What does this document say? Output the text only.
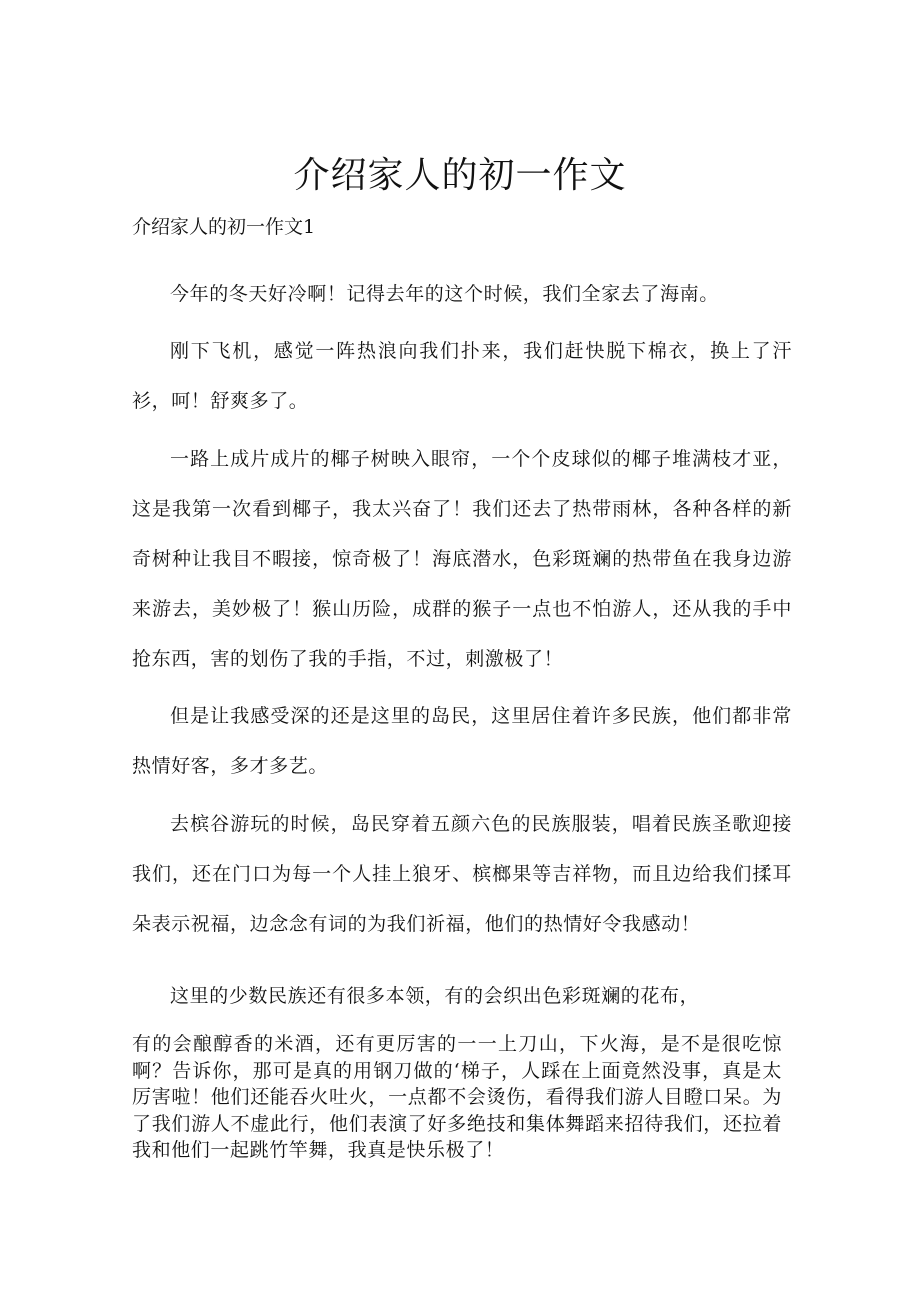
介绍家人的初一作文
介绍家人的初一作文1

今年的冬天好冷啊！记得去年的这个时候，我们全家去了海南。

刚下飞机，感觉一阵热浪向我们扑来，我们赶快脱下棉衣，换上了汗衫，呵！舒爽多了。

一路上成片成片的椰子树映入眼帘，一个个皮球似的椰子堆满枝才亚，这是我第一次看到椰子，我太兴奋了！我们还去了热带雨林，各种各样的新奇树种让我目不暇接，惊奇极了！海底潜水，色彩斑斓的热带鱼在我身边游来游去，美妙极了！猴山历险，成群的猴子一点也不怕游人，还从我的手中抢东西，害的划伤了我的手指，不过，刺激极了！

但是让我感受深的还是这里的岛民，这里居住着许多民族，他们都非常热情好客，多才多艺。

去槟谷游玩的时候，岛民穿着五颜六色的民族服装，唱着民族圣歌迎接我们，还在门口为每一个人挂上狼牙、槟榔果等吉祥物，而且边给我们揉耳朵表示祝福，边念念有词的为我们祈福，他们的热情好令我感动！

这里的少数民族还有很多本领，有的会织出色彩斑斓的花布，

有的会酿醇香的米酒，还有更厉害的一一上刀山，下火海，是不是很吃惊啊？告诉你，那可是真的用钢刀做的‘梯子，人踩在上面竟然没事，真是太厉害啦！他们还能吞火吐火，一点都不会烫伤，看得我们游人目瞪口呆。为了我们游人不虚此行，他们表演了好多绝技和集体舞蹈来招待我们，还拉着我和他们一起跳竹竿舞，我真是快乐极了！
